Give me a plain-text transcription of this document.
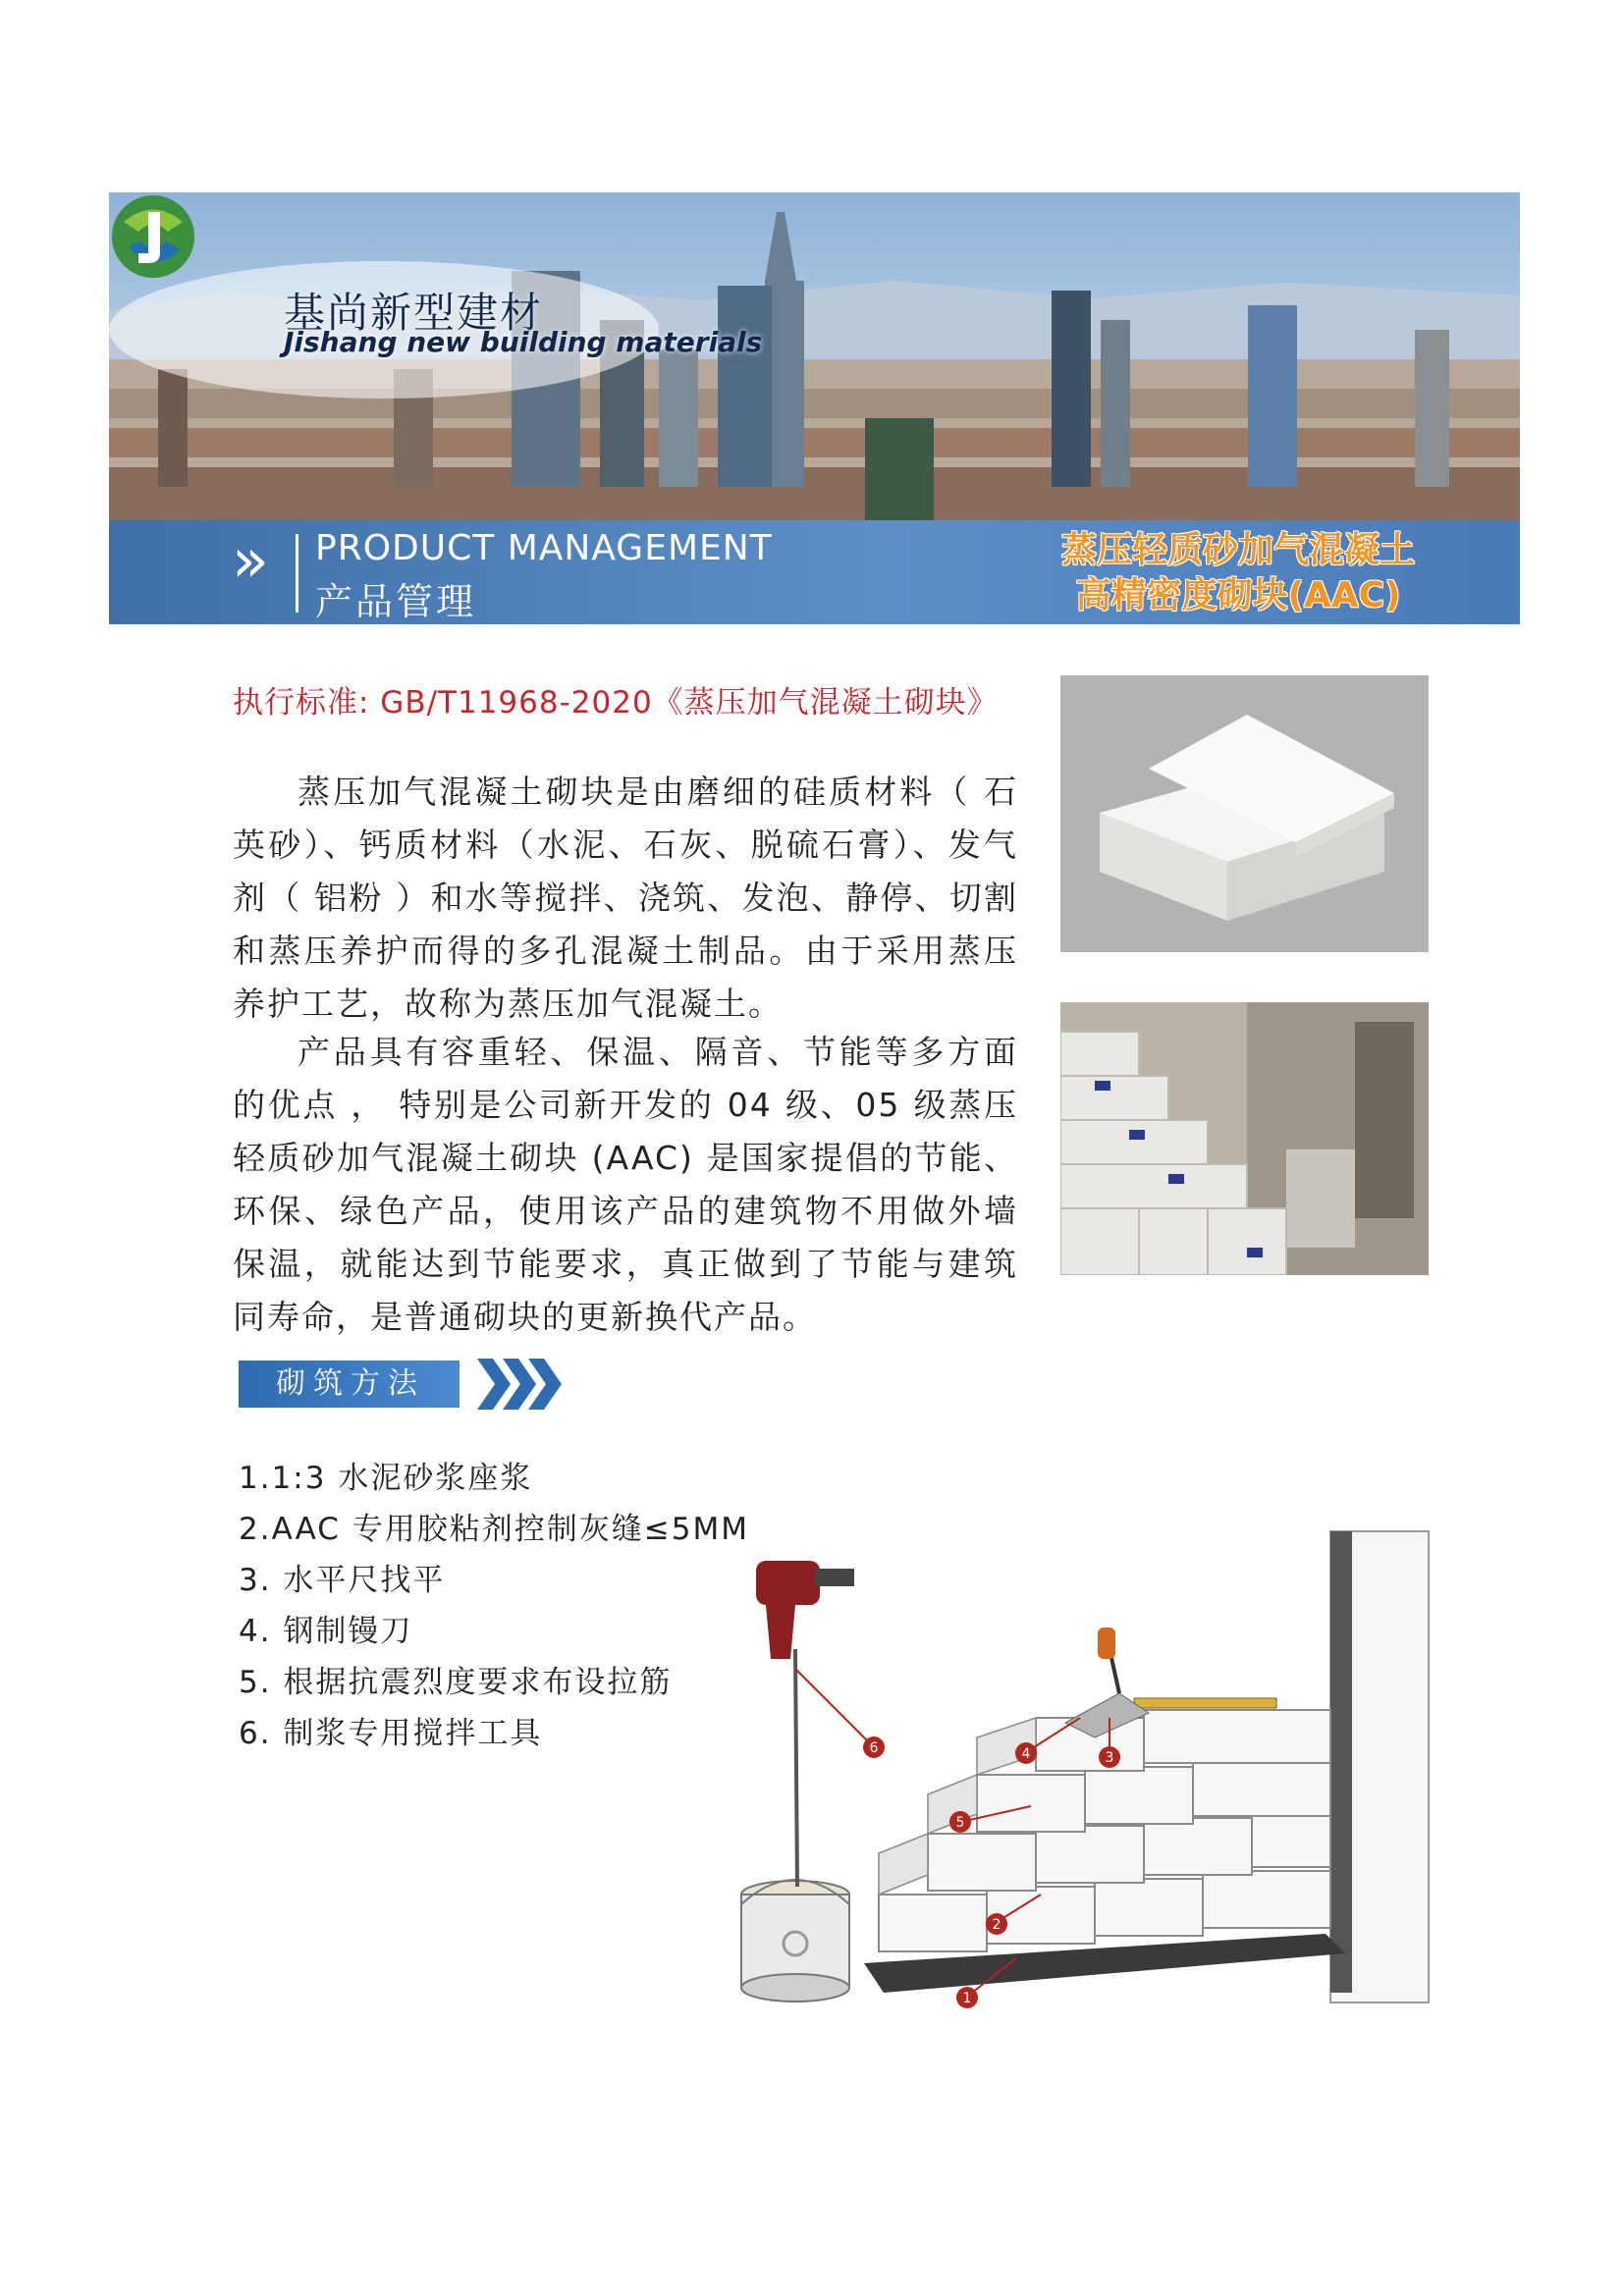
基尚新型建材
Jishang new building materials
» PRODUCT MANAGEMENT
产品管理
蒸压轻质砂加气混凝土
高精密度砌块(AAC)
执行标准: GB/T11968-2020《蒸压加气混凝土砌块》

蒸压加气混凝土砌块是由磨细的硅质材料（ 石英砂）、钙质材料（水泥、石灰、脱硫石膏）、发气剂（ 铝粉 ）和水等搅拌、浇筑、发泡、静停、切割和蒸压养护而得的多孔混凝土制品。由于采用蒸压养护工艺，故称为蒸压加气混凝土。

产品具有容重轻、保温、隔音、节能等多方面的优点 ， 特别是公司新开发的 04 级、05 级蒸压轻质砂加气混凝土砌块 (AAC) 是国家提倡的节能、环保、绿色产品，使用该产品的建筑物不用做外墙保温，就能达到节能要求，真正做到了节能与建筑同寿命，是普通砌块的更新换代产品。

砌筑方法
1.1:3 水泥砂浆座浆
2.AAC 专用胶粘剂控制灰缝≤5MM
3. 水平尺找平
4. 钢制镘刀
5. 根据抗震烈度要求布设拉筋
6. 制浆专用搅拌工具
1
2
3
4
5
6
